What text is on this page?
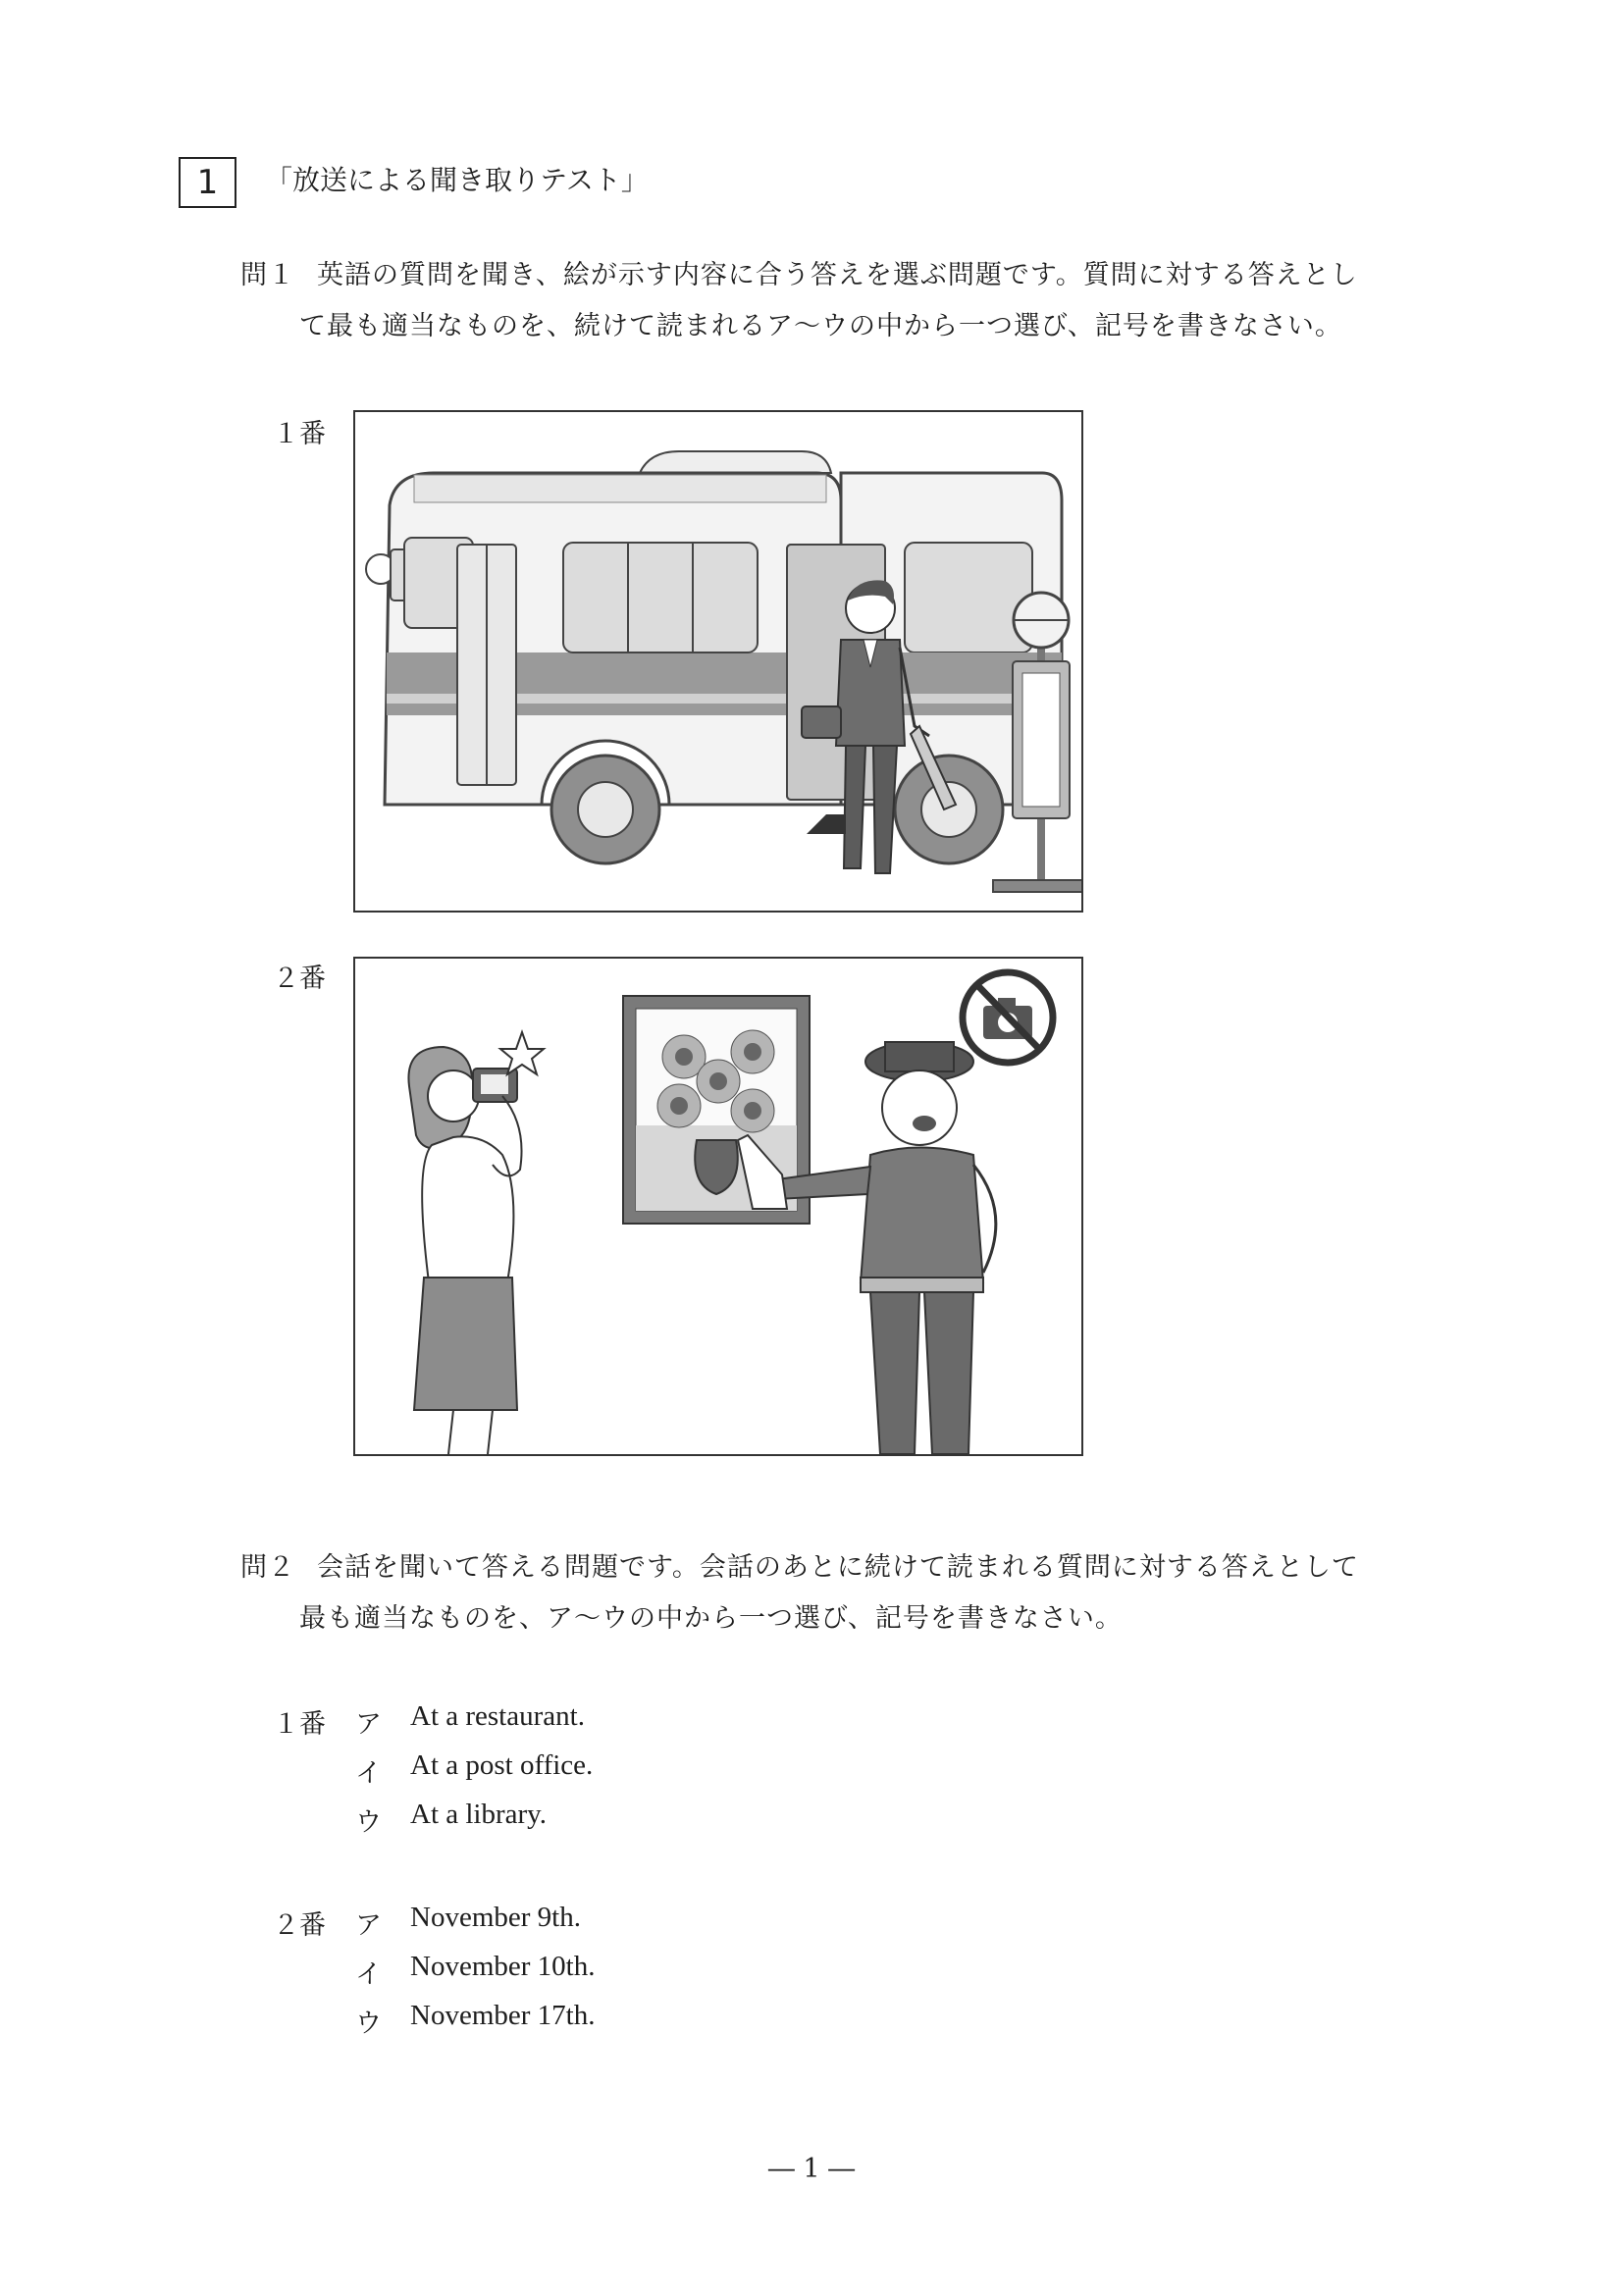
1	「放送による聞き取りテスト」
問１ 英語の質問を聞き、絵が示す内容に合う答えを選ぶ問題です。質問に対する答えとし
て最も適当なものを、続けて読まれるア～ウの中から一つ選び、記号を書きなさい。
１番
２番
問２ 会話を聞いて答える問題です。会話のあとに続けて読まれる質問に対する答えとして
最も適当なものを、ア～ウの中から一つ選び、記号を書きなさい。
１番 ア At a restaurant.
イ At a post office.
ウ At a library.
２番 ア November 9th.
イ November 10th.
ウ November 17th.
― 1 ―
